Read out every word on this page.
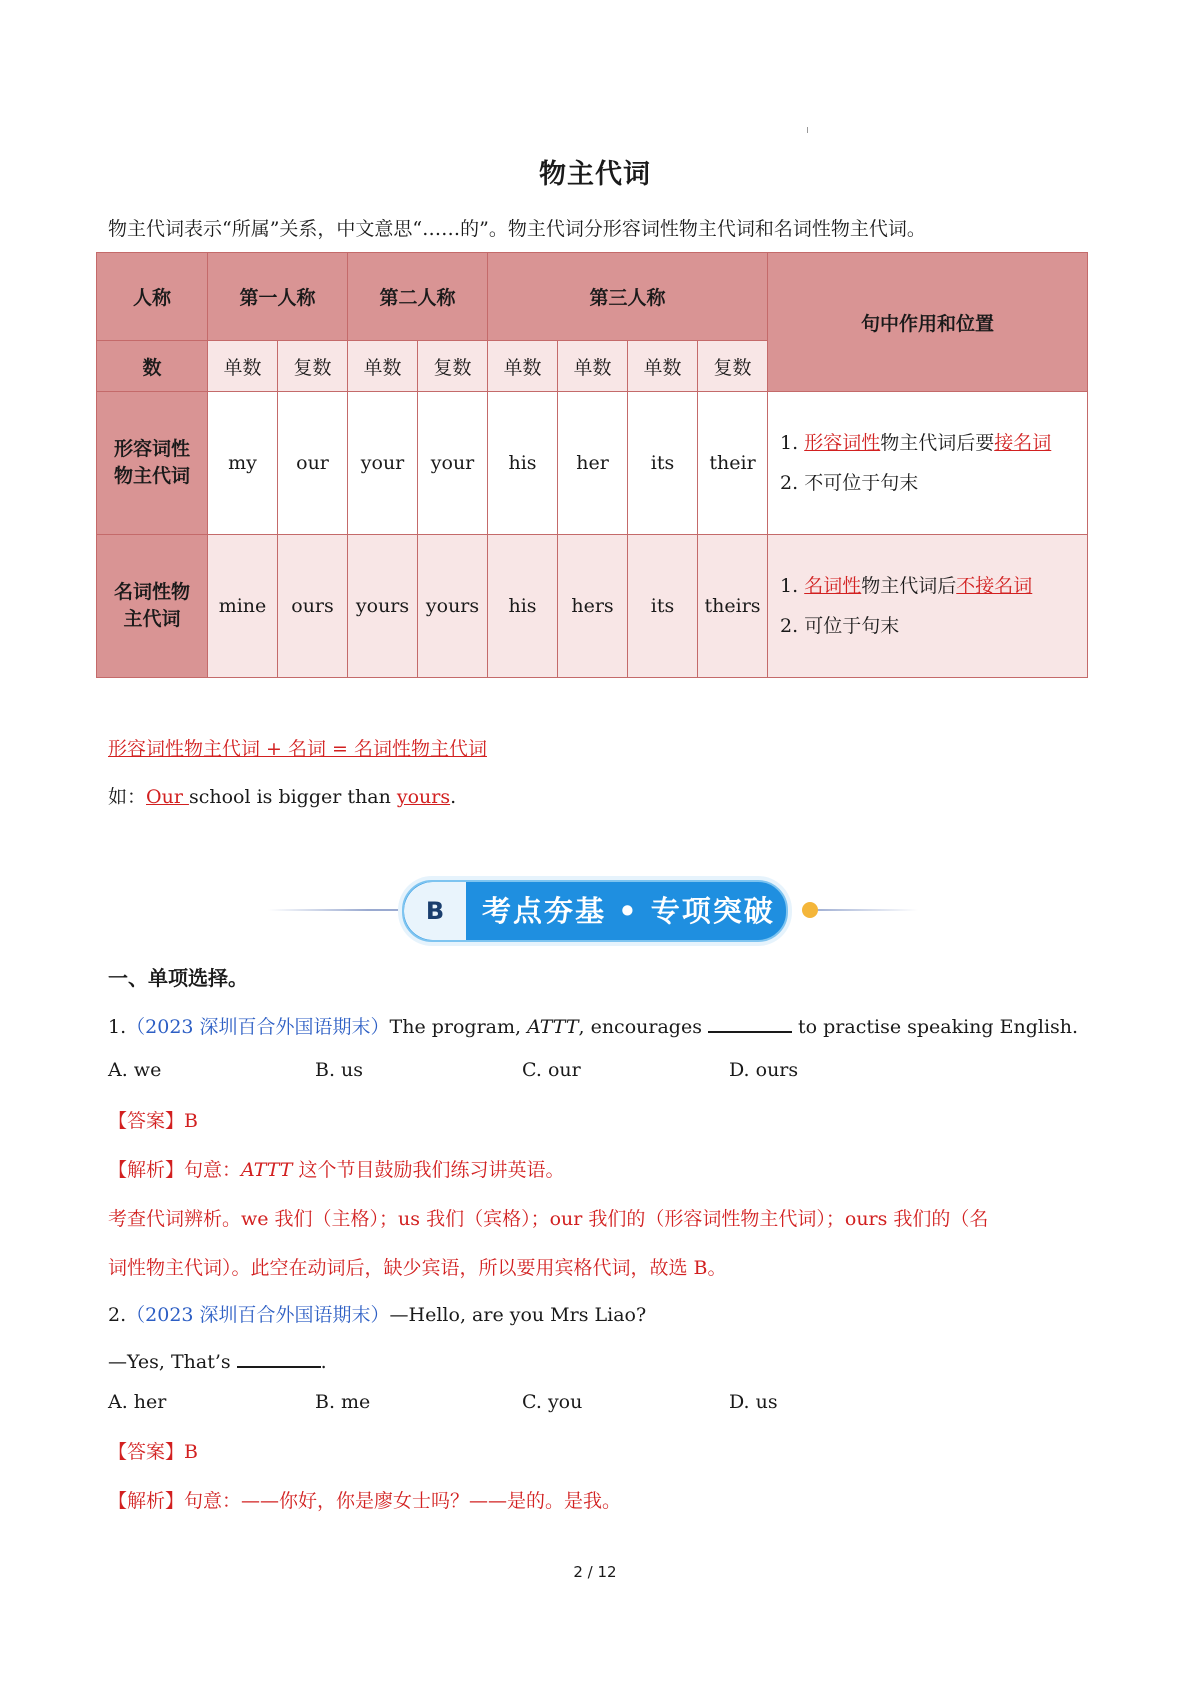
物主代词
物主代词表示“所属”关系，中文意思“……的”。物主代词分形容词性物主代词和名词性物主代词。
人称	第一人称		第二人称		第三人称				句中作用和位置
数	单数	复数	单数	复数	单数	单数	单数	复数	
形容词性物主代词	my	our	your	your	his	her	its	their	1. 形容词性物主代词后要接名词
2. 不可位于句末

名词性物主代词	mine	ours	yours	yours	his	hers	its	theirs	1. 名词性物主代词后不接名词
2. 可位于句末
形容词性物主代词 + 名词 = 名词性物主代词
如：Our school is bigger than yours.
B	考点夯基 • 专项突破
一、单项选择。
1.（2023 深圳百合外国语期末）The program, ATTT, encourages	to practise speaking English.
A. we	B. us	C. our	D. ours
【答案】B
【解析】句意：ATTT 这个节目鼓励我们练习讲英语。
考查代词辨析。we 我们（主格）；us 我们（宾格）；our 我们的（形容词性物主代词）；ours 我们的（名
词性物主代词）。此空在动词后，缺少宾语，所以要用宾格代词，故选 B。
2.（2023 深圳百合外国语期末）—Hello, are you Mrs Liao?
—Yes, That’s	.
A. her	B. me	C. you	D. us
【答案】B
【解析】句意：——你好，你是廖女士吗？——是的。是我。
2 / 12
